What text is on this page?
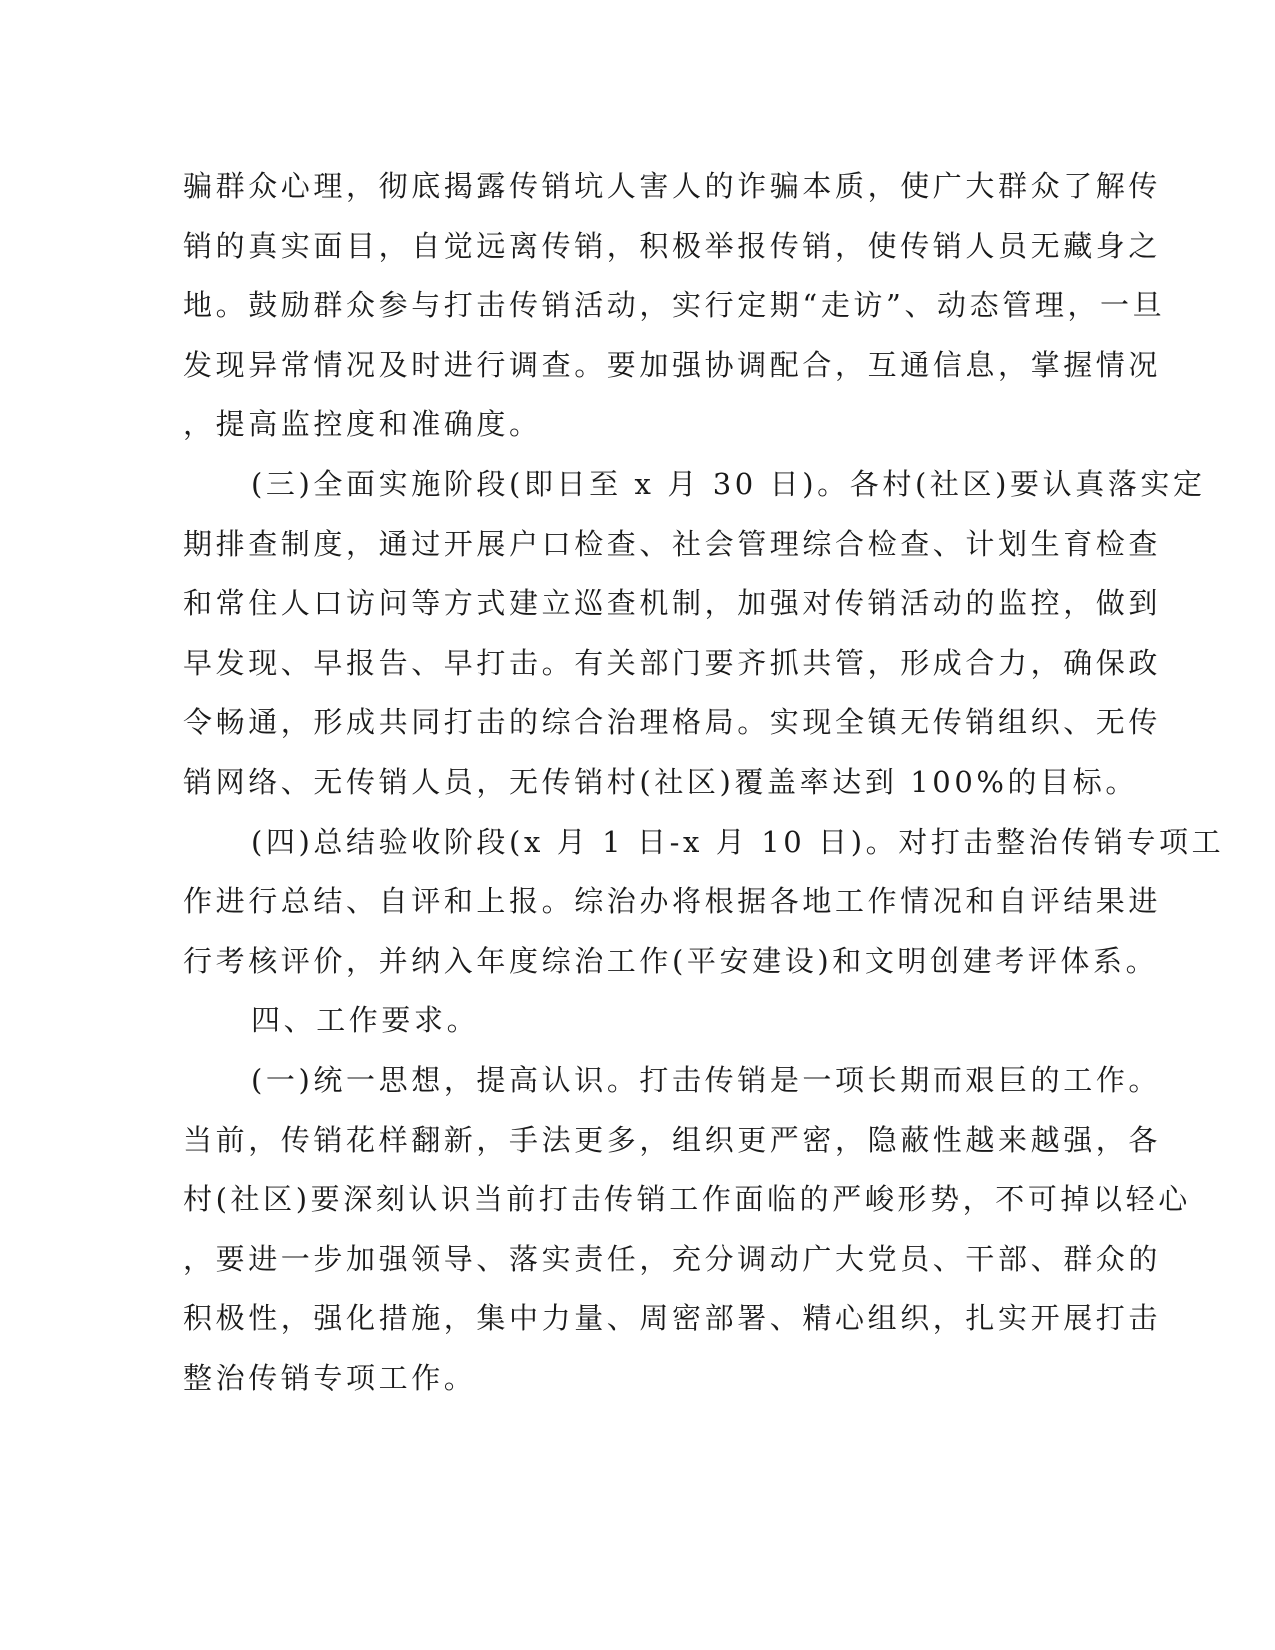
骗群众心理，彻底揭露传销坑人害人的诈骗本质，使广大群众了解传
销的真实面目，自觉远离传销，积极举报传销，使传销人员无藏身之
地。鼓励群众参与打击传销活动，实行定期“走访”、动态管理，一旦
发现异常情况及时进行调查。要加强协调配合，互通信息，掌握情况
，提高监控度和准确度。
(三)全面实施阶段(即日至 x 月 30 日)。各村(社区)要认真落实定
期排查制度，通过开展户口检查、社会管理综合检查、计划生育检查
和常住人口访问等方式建立巡查机制，加强对传销活动的监控，做到
早发现、早报告、早打击。有关部门要齐抓共管，形成合力，确保政
令畅通，形成共同打击的综合治理格局。实现全镇无传销组织、无传
销网络、无传销人员，无传销村(社区)覆盖率达到 100%的目标。
(四)总结验收阶段(x 月 1 日-x 月 10 日)。对打击整治传销专项工
作进行总结、自评和上报。综治办将根据各地工作情况和自评结果进
行考核评价，并纳入年度综治工作(平安建设)和文明创建考评体系。
四、工作要求。
(一)统一思想，提高认识。打击传销是一项长期而艰巨的工作。
当前，传销花样翻新，手法更多，组织更严密，隐蔽性越来越强，各
村(社区)要深刻认识当前打击传销工作面临的严峻形势，不可掉以轻心
，要进一步加强领导、落实责任，充分调动广大党员、干部、群众的
积极性，强化措施，集中力量、周密部署、精心组织，扎实开展打击
整治传销专项工作。
